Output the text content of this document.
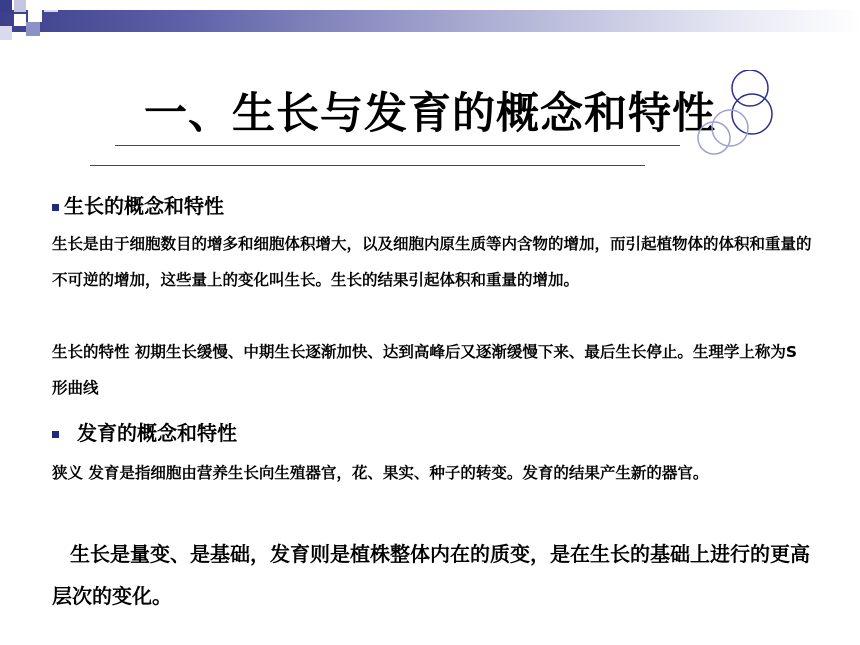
一、生长与发育的概念和特性
生长的概念和特性
生长是由于细胞数目的增多和细胞体积增大，以及细胞内原生质等内含物的增加，而引起植物体的体积和重量的不可逆的增加，这些量上的变化叫生长。生长的结果引起体积和重量的增加。
生长的特性 初期生长缓慢、中期生长逐渐加快、达到高峰后又逐渐缓慢下来、最后生长停止。生理学上称为S形曲线
发育的概念和特性
狭义 发育是指细胞由营养生长向生殖器官，花、果实、种子的转变。发育的结果产生新的器官。
生长是量变、是基础，发育则是植株整体内在的质变，是在生长的基础上进行的更高层次的变化。
